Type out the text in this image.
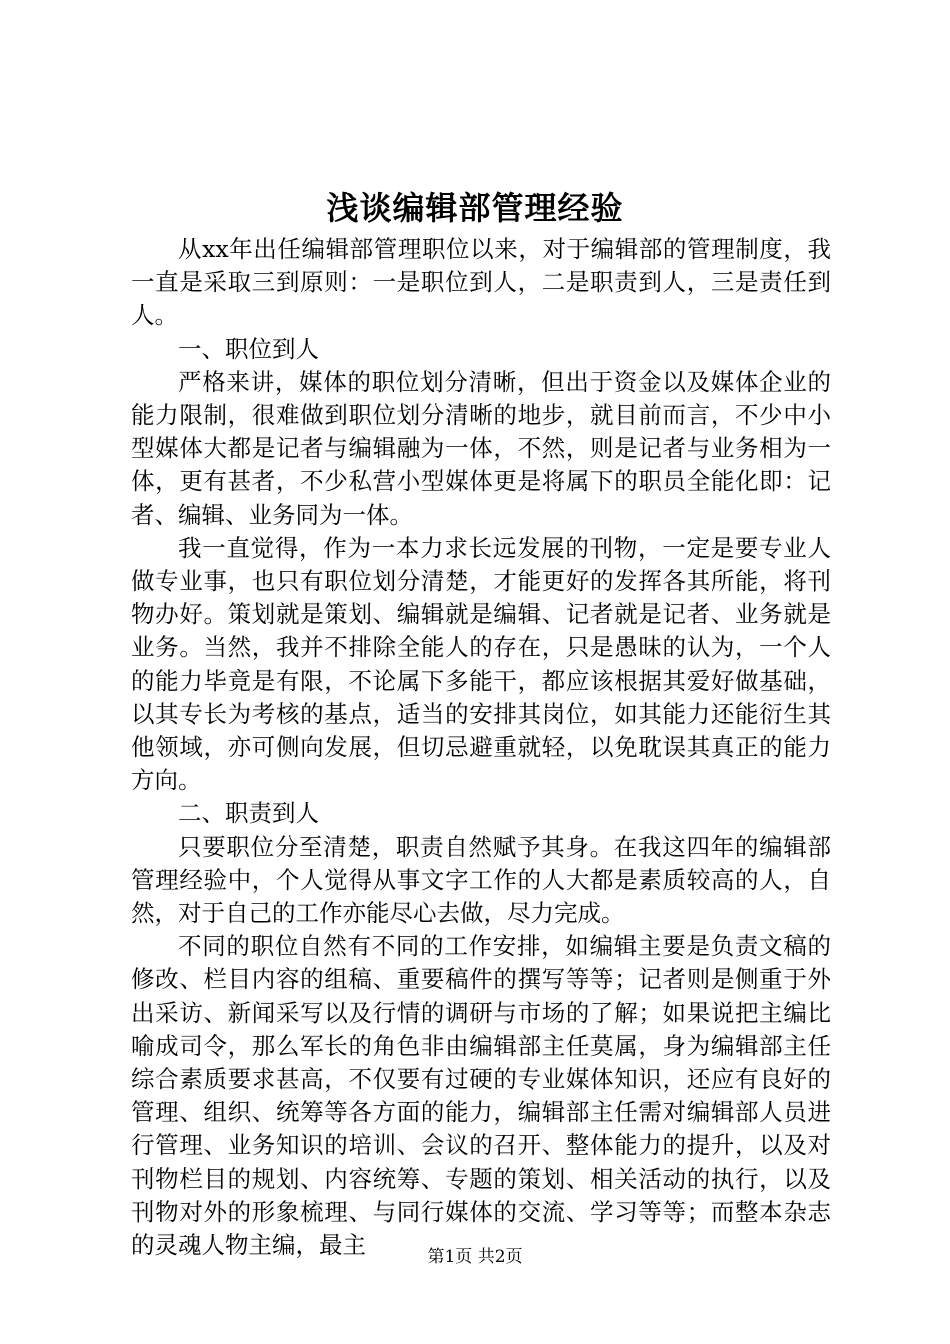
浅谈编辑部管理经验

从xx年出任编辑部管理职位以来，对于编辑部的管理制度，我一直是采取三到原则：一是职位到人，二是职责到人，三是责任到人。

一、职位到人

严格来讲，媒体的职位划分清晰，但出于资金以及媒体企业的能力限制，很难做到职位划分清晰的地步，就目前而言，不少中小型媒体大都是记者与编辑融为一体，不然，则是记者与业务相为一体，更有甚者，不少私营小型媒体更是将属下的职员全能化即：记者、编辑、业务同为一体。

我一直觉得，作为一本力求长远发展的刊物，一定是要专业人做专业事，也只有职位划分清楚，才能更好的发挥各其所能，将刊物办好。策划就是策划、编辑就是编辑、记者就是记者、业务就是业务。当然，我并不排除全能人的存在，只是愚昧的认为，一个人的能力毕竟是有限，不论属下多能干，都应该根据其爱好做基础，以其专长为考核的基点，适当的安排其岗位，如其能力还能衍生其他领域，亦可侧向发展，但切忌避重就轻，以免耽误其真正的能力方向。

二、职责到人

只要职位分至清楚，职责自然赋予其身。在我这四年的编辑部管理经验中，个人觉得从事文字工作的人大都是素质较高的人，自然，对于自己的工作亦能尽心去做，尽力完成。

不同的职位自然有不同的工作安排，如编辑主要是负责文稿的修改、栏目内容的组稿、重要稿件的撰写等等；记者则是侧重于外出采访、新闻采写以及行情的调研与市场的了解；如果说把主编比喻成司令，那么军长的角色非由编辑部主任莫属，身为编辑部主任综合素质要求甚高，不仅要有过硬的专业媒体知识，还应有良好的管理、组织、统筹等各方面的能力，编辑部主任需对编辑部人员进行管理、业务知识的培训、会议的召开、整体能力的提升，以及对刊物栏目的规划、内容统筹、专题的策划、相关活动的执行，以及刊物对外的形象梳理、与同行媒体的交流、学习等等；而整本杂志的灵魂人物主编，最主	第1页 共2页
